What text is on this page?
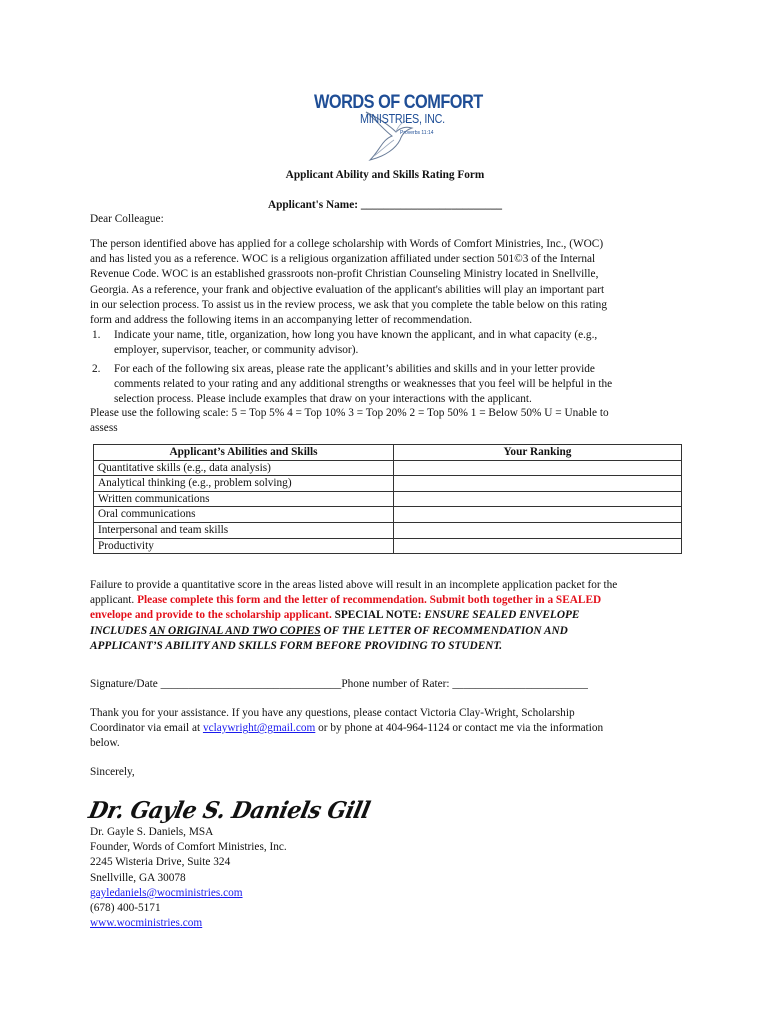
WORDS OF COMFORT
MINISTRIES, INC.
Proverbs 11:14
Applicant Ability and Skills Rating Form
Applicant's Name: _________________________
Dear Colleague:
The person identified above has applied for a college scholarship with Words of Comfort Ministries, Inc., (WOC)
and has listed you as a reference. WOC is a religious organization affiliated under section 501©3 of the Internal
Revenue Code. WOC is an established grassroots non-profit Christian Counseling Ministry located in Snellville,
Georgia. As a reference, your frank and objective evaluation of the applicant's abilities will play an important part
in our selection process. To assist us in the review process, we ask that you complete the table below on this rating
form and address the following items in an accompanying letter of recommendation.
1. Indicate your name, title, organization, how long you have known the applicant, and in what capacity (e.g.,
employer, supervisor, teacher, or community advisor).
2. For each of the following six areas, please rate the applicant’s abilities and skills and in your letter provide
comments related to your rating and any additional strengths or weaknesses that you feel will be helpful in the
selection process. Please include examples that draw on your interactions with the applicant.
Please use the following scale: 5 = Top 5% 4 = Top 10% 3 = Top 20% 2 = Top 50% 1 = Below 50% U = Unable to
assess
Applicant’s Abilities and Skills	Your Ranking
Quantitative skills (e.g., data analysis)	
Analytical thinking (e.g., problem solving)	
Written communications	
Oral communications	
Interpersonal and team skills	
Productivity	
Failure to provide a quantitative score in the areas listed above will result in an incomplete application packet for the
applicant. Please complete this form and the letter of recommendation. Submit both together in a SEALED
envelope and provide to the scholarship applicant. SPECIAL NOTE: ENSURE SEALED ENVELOPE
INCLUDES AN ORIGINAL AND TWO COPIES OF THE LETTER OF RECOMMENDATION AND
APPLICANT’S ABILITY AND SKILLS FORM BEFORE PROVIDING TO STUDENT.
Signature/Date ________________________________Phone number of Rater: ________________________
Thank you for your assistance. If you have any questions, please contact Victoria Clay-Wright, Scholarship
Coordinator via email at vclaywright@gmail.com or by phone at 404-964-1124 or contact me via the information
below.
Sincerely,
Dr. Gayle S. Daniels Gill
Dr. Gayle S. Daniels, MSA
Founder, Words of Comfort Ministries, Inc.
2245 Wisteria Drive, Suite 324
Snellville, GA 30078
gayledaniels@wocministries.com
(678) 400-5171
www.wocministries.com
